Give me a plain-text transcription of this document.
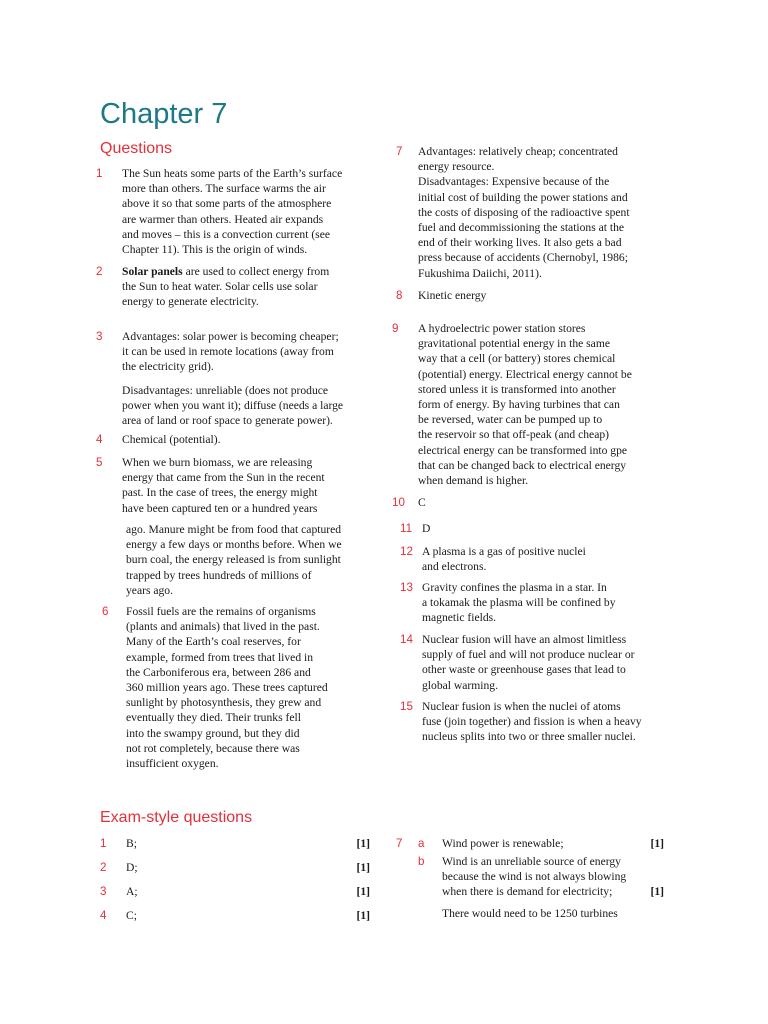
Chapter 7
Questions
1	The Sun heats some parts of the Earth’s surface
more than others. The surface warms the air
above it so that some parts of the atmosphere
are warmer than others. Heated air expands
and moves – this is a convection current (see
Chapter 11). This is the origin of winds.

2	Solar panels are used to collect energy from
the Sun to heat water. Solar cells use solar
energy to generate electricity.

3	Advantages: solar power is becoming cheaper;
it can be used in remote locations (away from
the electricity grid).

Disadvantages: unreliable (does not produce
power when you want it); diffuse (needs a large
area of land or roof space to generate power).

4	Chemical (potential).

5	When we burn biomass, we are releasing
energy that came from the Sun in the recent
past. In the case of trees, the energy might
have been captured ten or a hundred years

ago. Manure might be from food that captured
energy a few days or months before. When we
burn coal, the energy released is from sunlight
trapped by trees hundreds of millions of
years ago.

6	Fossil fuels are the remains of organisms
(plants and animals) that lived in the past.
Many of the Earth’s coal reserves, for
example, formed from trees that lived in
the Carboniferous era, between 286 and
360 million years ago. These trees captured
sunlight by photosynthesis, they grew and
eventually they died. Their trunks fell
into the swampy ground, but they did
not rot completely, because there was
insufficient oxygen.

7	Advantages: relatively cheap; concentrated
energy resource.
Disadvantages: Expensive because of the
initial cost of building the power stations and
the costs of disposing of the radioactive spent
fuel and decommissioning the stations at the
end of their working lives. It also gets a bad
press because of accidents (Chernobyl, 1986;
Fukushima Daiichi, 2011).

8	Kinetic energy

9	A hydroelectric power station stores
gravitational potential energy in the same
way that a cell (or battery) stores chemical
(potential) energy. Electrical energy cannot be
stored unless it is transformed into another
form of energy. By having turbines that can
be reversed, water can be pumped up to
the reservoir so that off-peak (and cheap)
electrical energy can be transformed into gpe
that can be changed back to electrical energy
when demand is higher.

10	C

11 D

12 A plasma is a gas of positive nuclei
and electrons.

13 Gravity confines the plasma in a star. In
a tokamak the plasma will be confined by
magnetic fields.

14 Nuclear fusion will have an almost limitless
supply of fuel and will not produce nuclear or
other waste or greenhouse gases that lead to
global warming.

15 Nuclear fusion is when the nuclei of atoms
fuse (join together) and fission is when a heavy
nucleus splits into two or three smaller nuclei.

Exam-style questions
1	B;	[1]
2	D;	[1]
3	A;	[1]
4	C;	[1]
7	a	Wind power is renewable;	[1]
b	Wind is an unreliable source of energy
because the wind is not always blowing
when there is demand for electricity;	[1]

There would need to be 1250 turbines
